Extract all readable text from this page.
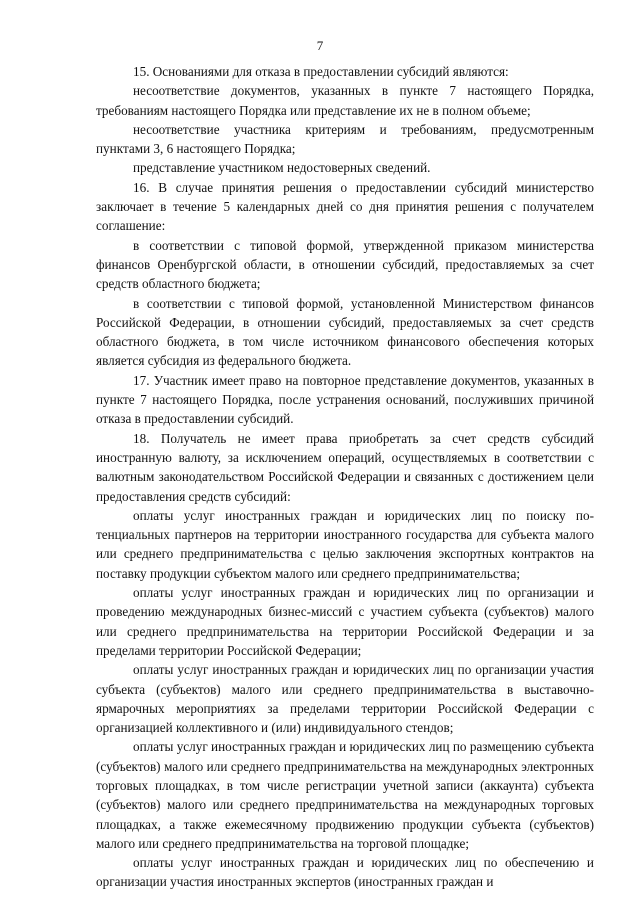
7

15. Основаниями для отказа в предоставлении субсидий являются:

несоответствие документов, указанных в пункте 7 настоящего Порядка, требованиям настоящего Порядка или представление их не в полном объеме;

несоответствие участника критериям и требованиям, предусмотренным пунктами 3, 6 настоящего Порядка;

представление участником недостоверных сведений.

16. В случае принятия решения о предоставлении субсидий министерство заключает в течение 5 календарных дней со дня принятия решения с получателем соглашение:

в соответствии с типовой формой, утвержденной приказом министерства финансов Оренбургской области, в отношении субсидий, предоставляемых за счет средств областного бюджета;

в соответствии с типовой формой, установленной Министерством финансов Российской Федерации, в отношении субсидий, предоставляемых за счет средств областного бюджета, в том числе источником финансового обеспечения которых является субсидия из федерального бюджета.

17. Участник имеет право на повторное представление документов, указанных в пункте 7 настоящего Порядка, после устранения оснований, послуживших причиной отказа в предоставлении субсидий.

18. Получатель не имеет права приобретать за счет средств субсидий иностранную валюту, за исключением операций, осуществляемых в соответствии с валютным законодательством Российской Федерации и связанных с достижением цели предоставления средств субсидий:

оплаты услуг иностранных граждан и юридических лиц по поиску потенциальных партнеров на территории иностранного государства для субъекта малого или среднего предпринимательства с целью заключения экспортных контрактов на поставку продукции субъектом малого или среднего предпринимательства;

оплаты услуг иностранных граждан и юридических лиц по организации и проведению международных бизнес-миссий с участием субъекта (субъектов) малого или среднего предпринимательства на территории Российской Федерации и за пределами территории Российской Федерации;

оплаты услуг иностранных граждан и юридических лиц по организации участия субъекта (субъектов) малого или среднего предпринимательства в выставочно-ярмарочных мероприятиях за пределами территории Российской Федерации с организацией коллективного и (или) индивидуального стендов;

оплаты услуг иностранных граждан и юридических лиц по размещению субъекта (субъектов) малого или среднего предпринимательства на международных электронных торговых площадках, в том числе регистрации учетной записи (аккаунта) субъекта (субъектов) малого или среднего предпринимательства на международных торговых площадках, а также ежемесячному продвижению продукции субъекта (субъектов) малого или среднего предпринимательства на торговой площадке;

оплаты услуг иностранных граждан и юридических лиц по обеспечению и организации участия иностранных экспертов (иностранных граждан и
